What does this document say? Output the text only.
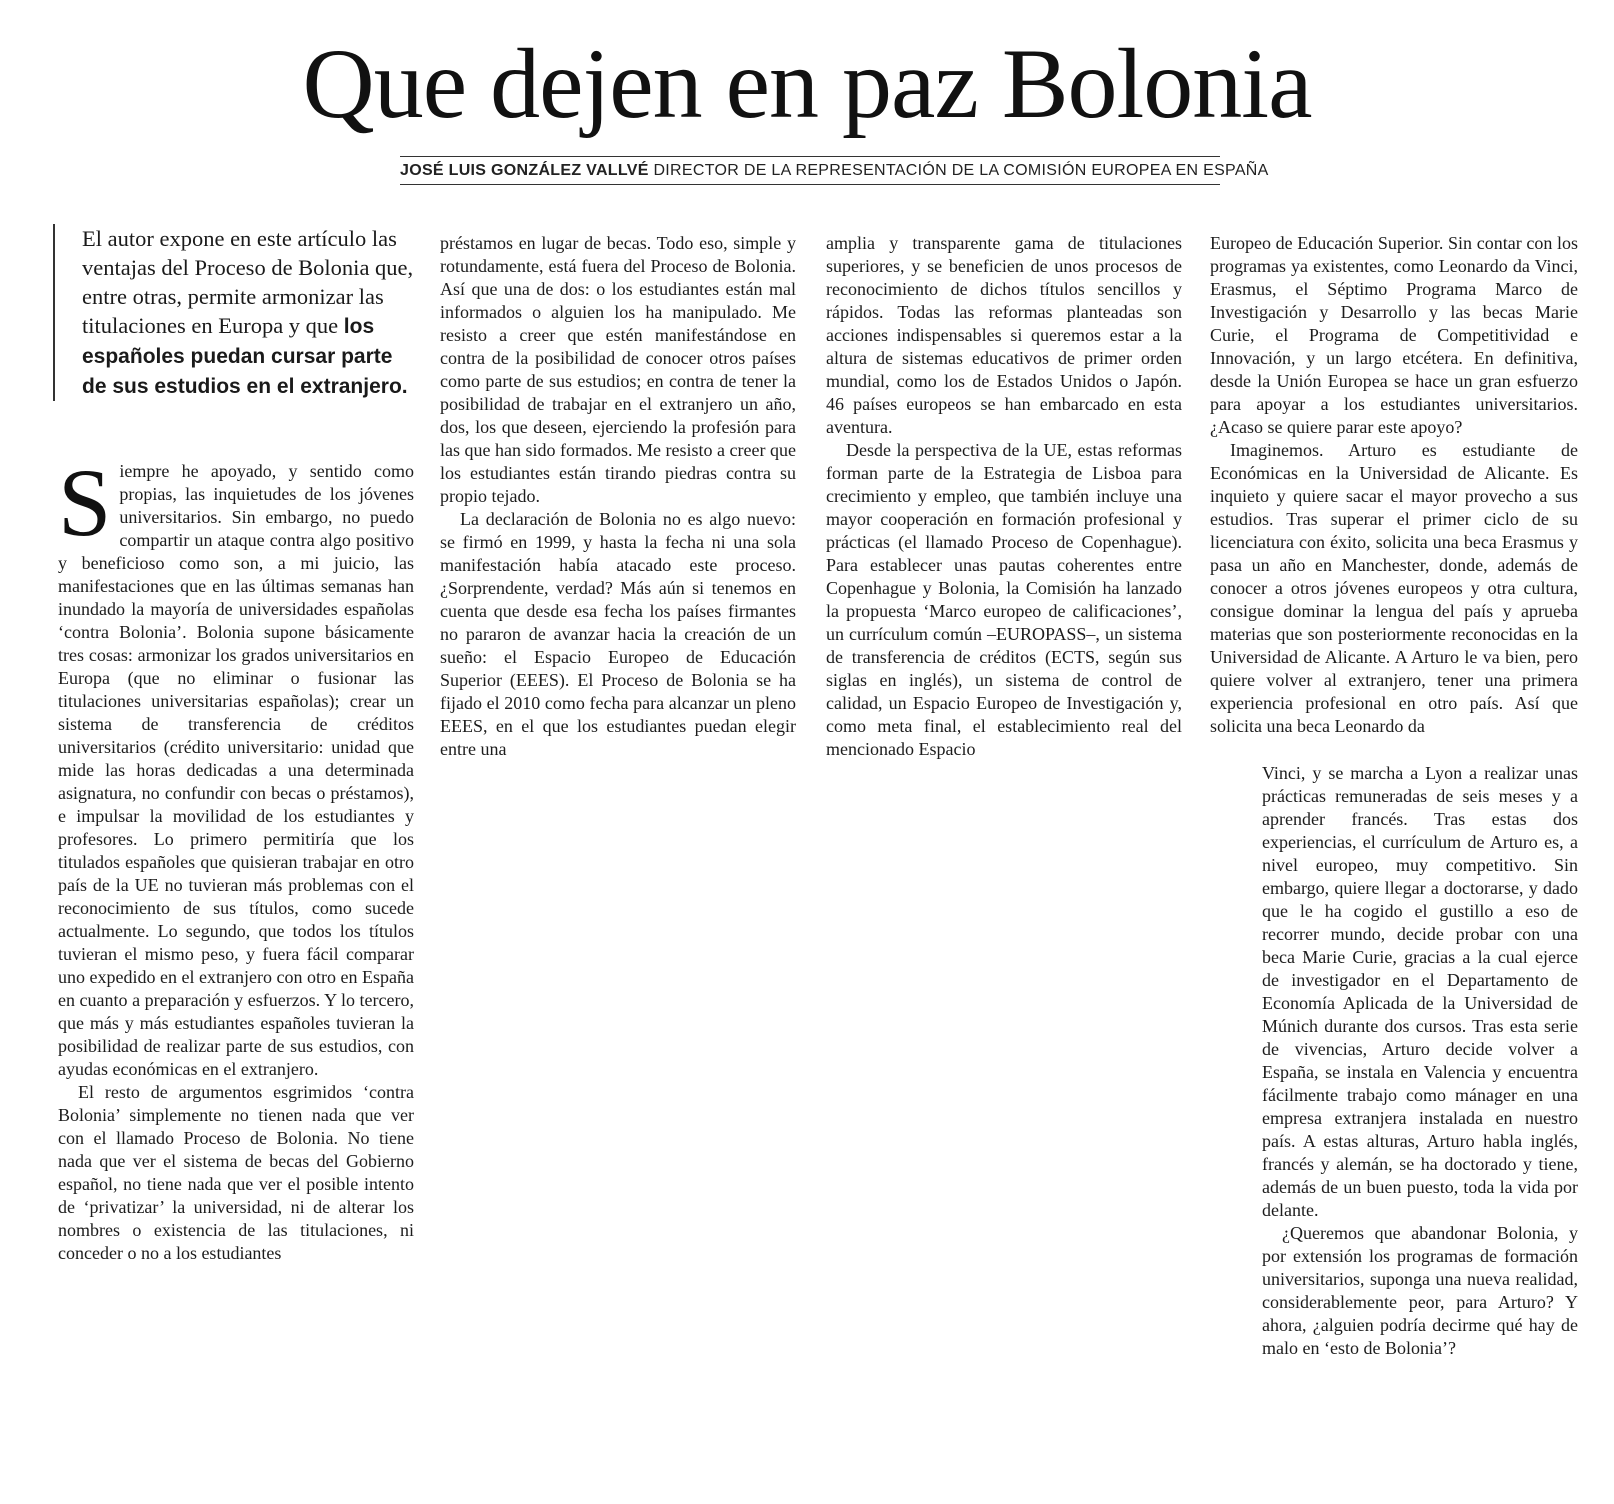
Que dejen en paz Bolonia
JOSÉ LUIS GONZÁLEZ VALLVÉ DIRECTOR DE LA REPRESENTACIÓN DE LA COMISIÓN EUROPEA EN ESPAÑA
El autor expone en este artículo las ventajas del Proceso de Bolonia que, entre otras, permite armonizar las titulaciones en Europa y que los españoles puedan cursar parte de sus estudios en el extranjero.

Siempre he apoyado, y sentido como propias, las inquietudes de los jóvenes universitarios. Sin embargo, no puedo compartir un ataque contra algo positivo y beneficioso como son, a mi juicio, las manifestaciones que en las últimas semanas han inundado la mayoría de universidades españolas ‘contra Bolonia’. Bolonia supone básicamente tres cosas: armonizar los grados universitarios en Europa (que no eliminar o fusionar las titulaciones universitarias españolas); crear un sistema de transferencia de créditos universitarios (crédito universitario: unidad que mide las horas dedicadas a una determinada asignatura, no confundir con becas o préstamos), e impulsar la movilidad de los estudiantes y profesores. Lo primero permitiría que los titulados españoles que quisieran trabajar en otro país de la UE no tuvieran más problemas con el reconocimiento de sus títulos, como sucede actualmente. Lo segundo, que todos los títulos tuvieran el mismo peso, y fuera fácil comparar uno expedido en el extranjero con otro en España en cuanto a preparación y esfuerzos. Y lo tercero, que más y más estudiantes españoles tuvieran la posibilidad de realizar parte de sus estudios, con ayudas económicas en el extranjero.

El resto de argumentos esgrimidos ‘contra Bolonia’ simplemente no tienen nada que ver con el llamado Proceso de Bolonia. No tiene nada que ver el sistema de becas del Gobierno español, no tiene nada que ver el posible intento de ‘privatizar’ la universidad, ni de alterar los nombres o existencia de las titulaciones, ni conceder o no a los estudiantes

préstamos en lugar de becas. Todo eso, simple y rotundamente, está fuera del Proceso de Bolonia. Así que una de dos: o los estudiantes están mal informados o alguien los ha manipulado. Me resisto a creer que estén manifestándose en contra de la posibilidad de conocer otros países como parte de sus estudios; en contra de tener la posibilidad de trabajar en el extranjero un año, dos, los que deseen, ejerciendo la profesión para las que han sido formados. Me resisto a creer que los estudiantes están tirando piedras contra su propio tejado.

La declaración de Bolonia no es algo nuevo: se firmó en 1999, y hasta la fecha ni una sola manifestación había atacado este proceso. ¿Sorprendente, verdad? Más aún si tenemos en cuenta que desde esa fecha los países firmantes no pararon de avanzar hacia la creación de un sueño: el Espacio Europeo de Educación Superior (EEES). El Proceso de Bolonia se ha fijado el 2010 como fecha para alcanzar un pleno EEES, en el que los estudiantes puedan elegir entre una

amplia y transparente gama de titulaciones superiores, y se beneficien de unos procesos de reconocimiento de dichos títulos sencillos y rápidos. Todas las reformas planteadas son acciones indispensables si queremos estar a la altura de sistemas educativos de primer orden mundial, como los de Estados Unidos o Japón. 46 países europeos se han embarcado en esta aventura.

Desde la perspectiva de la UE, estas reformas forman parte de la Estrategia de Lisboa para crecimiento y empleo, que también incluye una mayor cooperación en formación profesional y prácticas (el llamado Proceso de Copenhague). Para establecer unas pautas coherentes entre Copenhague y Bolonia, la Comisión ha lanzado la propuesta ‘Marco europeo de calificaciones’, un currículum común –EUROPASS–, un sistema de transferencia de créditos (ECTS, según sus siglas en inglés), un sistema de control de calidad, un Espacio Europeo de Investigación y, como meta final, el establecimiento real del mencionado Espacio

Europeo de Educación Superior. Sin contar con los programas ya existentes, como Leonardo da Vinci, Erasmus, el Séptimo Programa Marco de Investigación y Desarrollo y las becas Marie Curie, el Programa de Competitividad e Innovación, y un largo etcétera. En definitiva, desde la Unión Europea se hace un gran esfuerzo para apoyar a los estudiantes universitarios. ¿Acaso se quiere parar este apoyo?

Imaginemos. Arturo es estudiante de Económicas en la Universidad de Alicante. Es inquieto y quiere sacar el mayor provecho a sus estudios. Tras superar el primer ciclo de su licenciatura con éxito, solicita una beca Erasmus y pasa un año en Manchester, donde, además de conocer a otros jóvenes europeos y otra cultura, consigue dominar la lengua del país y aprueba materias que son posteriormente reconocidas en la Universidad de Alicante. A Arturo le va bien, pero quiere volver al extranjero, tener una primera experiencia profesional en otro país. Así que solicita una beca Leonardo da

Vinci, y se marcha a Lyon a realizar unas prácticas remuneradas de seis meses y a aprender francés. Tras estas dos experiencias, el currículum de Arturo es, a nivel europeo, muy competitivo. Sin embargo, quiere llegar a doctorarse, y dado que le ha cogido el gustillo a eso de recorrer mundo, decide probar con una beca Marie Curie, gracias a la cual ejerce de investigador en el Departamento de Economía Aplicada de la Universidad de Múnich durante dos cursos. Tras esta serie de vivencias, Arturo decide volver a España, se instala en Valencia y encuentra fácilmente trabajo como mánager en una empresa extranjera instalada en nuestro país. A estas alturas, Arturo habla inglés, francés y alemán, se ha doctorado y tiene, además de un buen puesto, toda la vida por delante.

¿Queremos que abandonar Bolonia, y por extensión los programas de formación universitarios, suponga una nueva realidad, considerablemente peor, para Arturo? Y ahora, ¿alguien podría decirme qué hay de malo en ‘esto de Bolonia’?
